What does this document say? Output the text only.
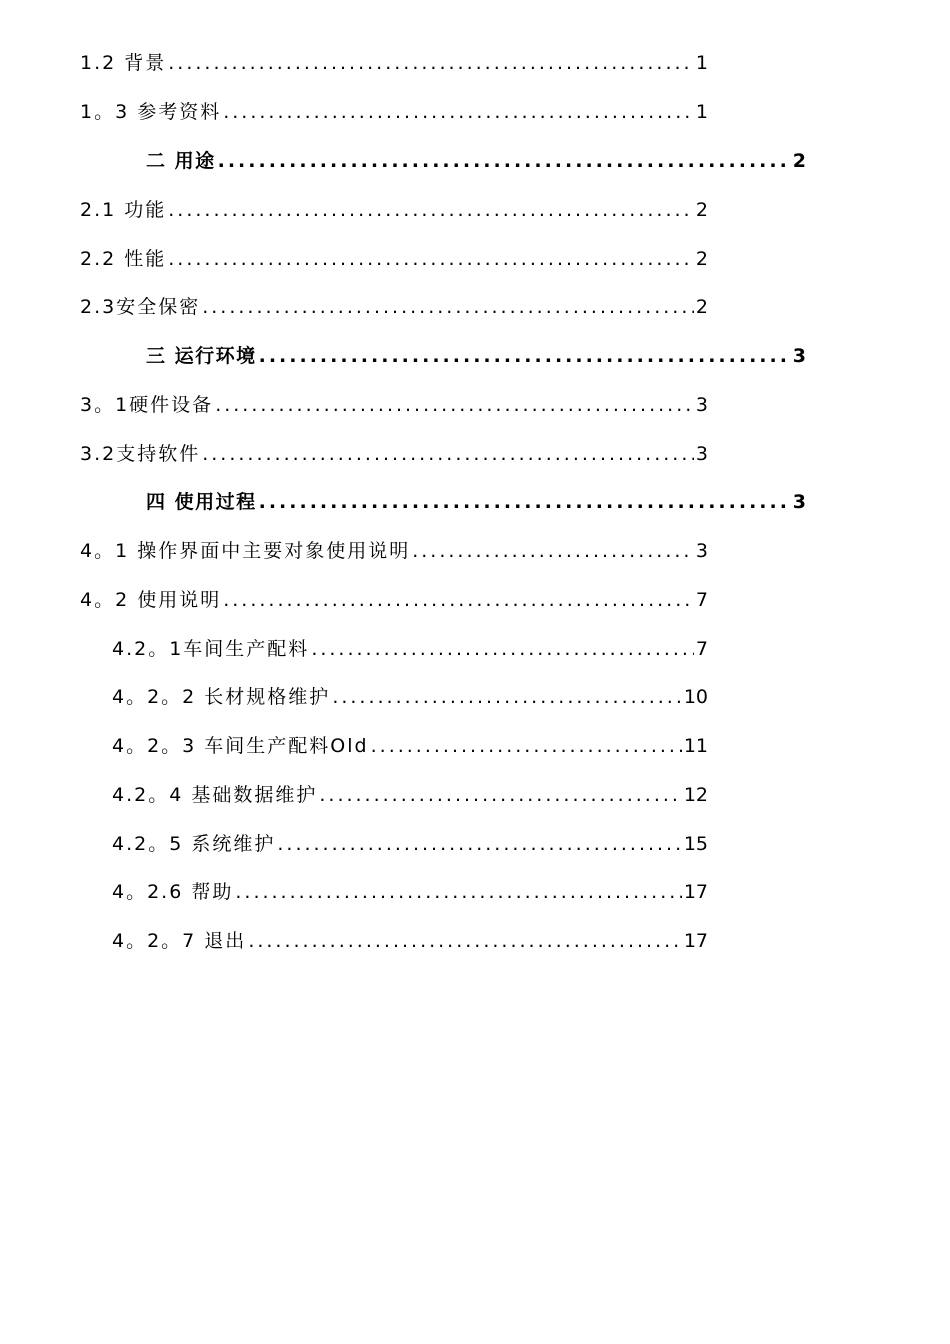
1.2 背景 .....	1
1。3 参考资料 .....	1
二 用途 .....	2
2.1 功能 .....	2
2.2 性能 .....	2
2.3安全保密 .....	2
三 运行环境 .....	3
3。1硬件设备 .....	3
3.2支持软件 .....	3
四 使用过程 .....	3
4。1 操作界面中主要对象使用说明 .....	3
4。2 使用说明 .....	7
4.2。1车间生产配料 .....	7
4。2。2 长材规格维护 .....	10
4。2。3 车间生产配料Old .....	11
4.2。4 基础数据维护 .....	12
4.2。5 系统维护 .....	15
4。2.6 帮助 .....	17
4。2。7 退出 .....	17
